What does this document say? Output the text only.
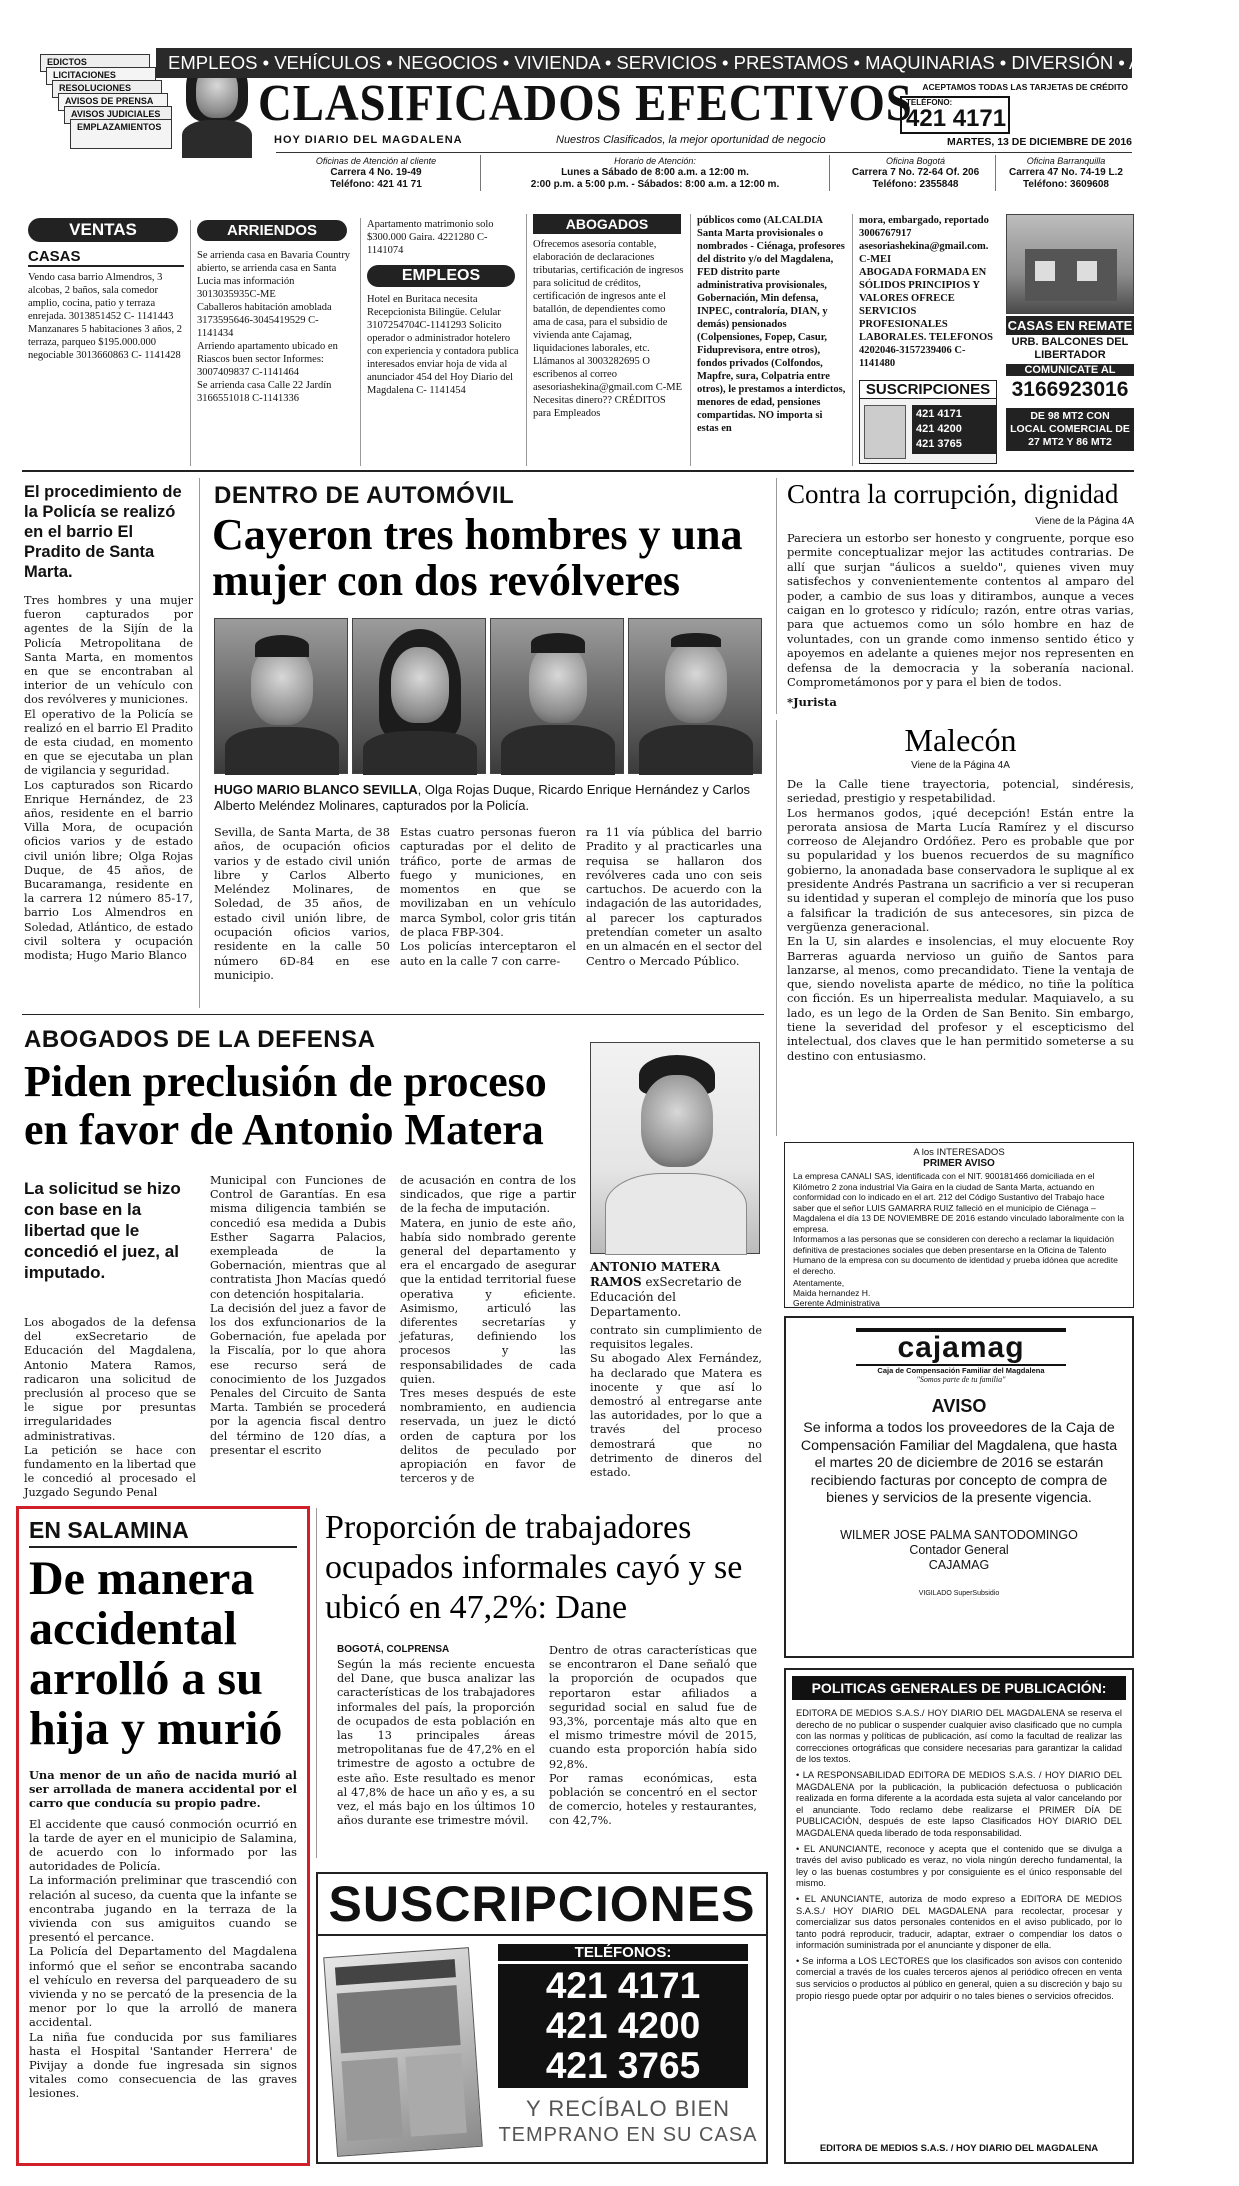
EDICTOS
LICITACIONES
RESOLUCIONES
AVISOS DE PRENSA
AVISOS JUDICIALES
EMPLAZAMIENTOS
EMPLEOS • VEHÍCULOS • NEGOCIOS • VIVIENDA • SERVICIOS • PRESTAMOS • MAQUINARIAS • DIVERSIÓN • ARRIENDOS
CLASIFICADOS EFECTIVOS	ACEPTAMOS TODAS LAS TARJETAS DE CRÉDITO
TELÉFONO:
421 4171
HOY DIARIO DEL MAGDALENA	Nuestros Clasificados, la mejor oportunidad de negocio	MARTES, 13 DE DICIEMBRE DE 2016
Oficinas de Atención al cliente
Carrera 4 No. 19-49
Teléfono: 421 41 71
Horario de Atención:
Lunes a Sábado de 8:00 a.m. a 12:00 m.
2:00 p.m. a 5:00 p.m. - Sábados: 8:00 a.m. a 12:00 m.
Oficina Bogotá
Carrera 7 No. 72-64 Of. 206
Teléfono: 2355848
Oficina Barranquilla
Carrera 47 No. 74-19 L.2
Teléfono: 3609608
VENTAS
CASAS
Vendo casa barrio Almendros, 3 alcobas, 2 baños, sala comedor amplio, cocina, patio y terraza enrejada. 3013851452 C- 1141443
Manzanares 5 habitaciones 3 años, 2 terraza, parqueo $195.000.000 negociable 3013660863 C- 1141428
ARRIENDOS
Se arrienda casa en Bavaria Country abierto, se arrienda casa en Santa Lucia mas información 3013035935C-ME
Caballeros habitación amoblada 3173595646-3045419529 C- 1141434
Arriendo apartamento ubicado en Riascos buen sector Informes: 3007409837 C-1141464
Se arrienda casa Calle 22 Jardín 3166551018 C-1141336
Apartamento matrimonio solo $300.000 Gaira. 4221280 C- 1141074
EMPLEOS
Hotel en Buritaca necesita Recepcionista Bilingüe. Celular 3107254704C-1141293 Solicito operador o administrador hotelero con experiencia y contadora publica interesados enviar hoja de vida al anunciador 454 del Hoy Diario del Magdalena C- 1141454
ABOGADOS
Ofrecemos asesoría contable, elaboración de declaraciones tributarias, certificación de ingresos para solicitud de créditos, certificación de ingresos ante el batallón, de dependientes como ama de casa, para el subsidio de vivienda ante Cajamag, liquidaciones laborales, etc. Llámanos al 3003282695 O escribenos al correo asesoriashekina@gmail.com C-ME
Necesitas dinero?? CRÉDITOS para Empleados
públicos como (ALCALDIA Santa Marta provisionales o nombrados - Ciénaga, profesores del distrito y/o del Magdalena, FED distrito parte administrativa provisionales, Gobernación, Min defensa, INPEC, contraloría, DIAN, y demás) pensionados (Colpensiones, Fopep, Casur, Fiduprevisora, entre otros), fondos privados (Colfondos, Mapfre, sura, Colpatria entre otros), le prestamos a interdictos, menores de edad, pensiones compartidas. NO importa si estas en
mora, embargado, reportado 3006767917 asesoriashekina@gmail.com. C-MEI
ABOGADA FORMADA EN SÓLIDOS PRINCIPIOS Y VALORES OFRECE SERVICIOS PROFESIONALES LABORALES. TELEFONOS 4202046-3157239406 C-1141480
SUSCRIPCIONES
421 4171
421 4200
421 3765
CASAS EN REMATE
URB. BALCONES DEL LIBERTADOR
COMUNICATE AL
3166923016
DE 98 MT2 CON
LOCAL COMERCIAL DE
27 MT2 Y 86 MT2
El procedimiento de la Policía se realizó en el barrio El Pradito de Santa Marta.
Tres hombres y una mujer fueron capturados por agentes de la Sijín de la Policía Metropolitana de Santa Marta, en momentos en que se encontraban al interior de un vehículo con dos revólveres y municiones.
El operativo de la Policía se realizó en el barrio El Pradito de esta ciudad, en momento en que se ejecutaba un plan de vigilancia y seguridad.
Los capturados son Ricardo Enrique Hernández, de 23 años, residente en el barrio Villa Mora, de ocupación oficios varios y de estado civil unión libre; Olga Rojas Duque, de 45 años, de Bucaramanga, residente en la carrera 12 número 85-17, barrio Los Almendros en Soledad, Atlántico, de estado civil soltera y ocupación modista; Hugo Mario Blanco
DENTRO DE AUTOMÓVIL
Cayeron tres hombres y una mujer con dos revólveres
HUGO MARIO BLANCO SEVILLA, Olga Rojas Duque, Ricardo Enrique Hernández y Carlos Alberto Meléndez Molinares, capturados por la Policía.
Sevilla, de Santa Marta, de 38 años, de ocupación oficios varios y de estado civil unión libre y Carlos Alberto Meléndez Molinares, de Soledad, de 35 años, de estado civil unión libre, de ocupación oficios varios, residente en la calle 50 número 6D-84 en ese municipio.
Estas cuatro personas fueron capturadas por el delito de tráfico, porte de armas de fuego y municiones, en momentos en que se movilizaban en un vehículo marca Symbol, color gris titán de placa FBP-304.
Los policías interceptaron el auto en la calle 7 con carre-
ra 11 vía pública del barrio Pradito y al practicarles una requisa se hallaron dos revólveres cada uno con seis cartuchos. De acuerdo con la indagación de las autoridades, al parecer los capturados pretendían cometer un asalto en un almacén en el sector del Centro o Mercado Público.
Contra la corrupción, dignidad
Viene de la Página 4A
Pareciera un estorbo ser honesto y congruente, porque eso permite conceptualizar mejor las actitudes contrarias. De allí que surjan "áulicos a sueldo", quienes viven muy satisfechos y convenientemente contentos al amparo del poder, a cambio de sus loas y ditirambos, aunque a veces caigan en lo grotesco y ridículo; razón, entre otras varias, para que actuemos como un sólo hombre en haz de voluntades, con un grande como inmenso sentido ético y apoyemos en adelante a quienes mejor nos representen en defensa de la democracia y la soberanía nacional. Comprometámonos por y para el bien de todos.
*Jurista
Malecón
Viene de la Página 4A
De la Calle tiene trayectoria, potencial, sindéresis, seriedad, prestigio y respetabilidad.
Los hermanos godos, ¡qué decepción! Están entre la perorata ansiosa de Marta Lucía Ramírez y el discurso correoso de Alejandro Ordóñez. Pero es probable que por su popularidad y los buenos recuerdos de su magnífico gobierno, la anonadada base conservadora le suplique al ex presidente Andrés Pastrana un sacrificio a ver si recuperan su identidad y superan el complejo de minoría que los puso a falsificar la tradición de sus antecesores, sin pizca de vergüenza generacional.
En la U, sin alardes e insolencias, el muy elocuente Roy Barreras aguarda nervioso un guiño de Santos para lanzarse, al menos, como precandidato. Tiene la ventaja de que, siendo novelista aparte de médico, no tiñe la política con ficción. Es un hiperrealista medular. Maquiavelo, a su lado, es un lego de la Orden de San Benito. Sin embargo, tiene la severidad del profesor y el escepticismo del intelectual, dos claves que le han permitido someterse a su destino con entusiasmo.
ABOGADOS DE LA DEFENSA
Piden preclusión de proceso en favor de Antonio Matera
La solicitud se hizo con base en la libertad que le concedió el juez, al imputado.
Los abogados de la defensa del exSecretario de Educación del Magdalena, Antonio Matera Ramos, radicaron una solicitud de preclusión al proceso que se le sigue por presuntas irregularidades administrativas.
La petición se hace con fundamento en la libertad que le concedió al procesado el Juzgado Segundo Penal
Municipal con Funciones de Control de Garantías. En esa misma diligencia también se concedió esa medida a Dubis Esther Sagarra Palacios, exempleada de la Gobernación, mientras que al contratista Jhon Macías quedó con detención hospitalaria.
La decisión del juez a favor de los dos exfuncionarios de la Gobernación, fue apelada por la Fiscalía, por lo que ahora ese recurso será de conocimiento de los Juzgados Penales del Circuito de Santa Marta. También se procederá por la agencia fiscal dentro del término de 120 días, a presentar el escrito
de acusación en contra de los sindicados, que rige a partir de la fecha de imputación.
Matera, en junio de este año, había sido nombrado gerente general del departamento y era el encargado de asegurar que la entidad territorial fuese operativa y eficiente. Asimismo, articuló las diferentes secretarías y jefaturas, definiendo los procesos y las responsabilidades de cada quien.
Tres meses después de este nombramiento, en audiencia reservada, un juez le dictó orden de captura por los delitos de peculado por apropiación en favor de terceros y de
ANTONIO MATERA RAMOS exSecretario de Educación del Departamento.
contrato sin cumplimiento de requisitos legales.
Su abogado Alex Fernández, ha declarado que Matera es inocente y que así lo demostró al entregarse ante las autoridades, por lo que a través del proceso demostrará que no detrimento de dineros del estado.
A los INTERESADOS
PRIMER AVISO
La empresa CANALI SAS, identificada con el NIT. 900181466 domiciliada en el Kilómetro 2 zona industrial Via Gaira en la ciudad de Santa Marta, actuando en conformidad con lo indicado en el art. 212 del Código Sustantivo del Trabajo hace saber que el señor LUIS GAMARRA RUIZ falleció en el municipio de Ciénaga – Magdalena el día 13 DE NOVIEMBRE DE 2016 estando vinculado laboralmente con la empresa.
Informamos a las personas que se consideren con derecho a reclamar la liquidación definitiva de prestaciones sociales que deben presentarse en la Oficina de Talento Humano de la empresa con su documento de identidad y prueba idónea que acredite el derecho.
Atentamente,
Maida hernandez H.
Gerente Administrativa
cajamag
Caja de Compensación Familiar del Magdalena
"Somos parte de tu familia"
AVISO
Se informa a todos los proveedores de la Caja de Compensación Familiar del Magdalena, que hasta el martes 20 de diciembre de 2016 se estarán recibiendo facturas por concepto de compra de bienes y servicios de la presente vigencia.
WILMER JOSE PALMA SANTODOMINGO
Contador General
CAJAMAG
VIGILADO SuperSubsidio
EN SALAMINA
De manera accidental arrolló a su hija y murió
Una menor de un año de nacida murió al ser arrollada de manera accidental por el carro que conducía su propio padre.
El accidente que causó conmoción ocurrió en la tarde de ayer en el municipio de Salamina, de acuerdo con lo informado por las autoridades de Policía.
La información preliminar que trascendió con relación al suceso, da cuenta que la infante se encontraba jugando en la terraza de la vivienda con sus amiguitos cuando se presentó el percance.
La Policía del Departamento del Magdalena informó que el señor se encontraba sacando el vehículo en reversa del parqueadero de su vivienda y no se percató de la presencia de la menor por lo que la arrolló de manera accidental.
La niña fue conducida por sus familiares hasta el Hospital 'Santander Herrera' de Pivijay a donde fue ingresada sin signos vitales como consecuencia de las graves lesiones.
Proporción de trabajadores ocupados informales cayó y se ubicó en 47,2%: Dane
BOGOTÁ, COLPRENSA
Según la más reciente encuesta del Dane, que busca analizar las características de los trabajadores informales del país, la proporción de ocupados de esta población en las 13 principales áreas metropolitanas fue de 47,2% en el trimestre de agosto a octubre de este año. Este resultado es menor al 47,8% de hace un año y es, a su vez, el más bajo en los últimos 10 años durante ese trimestre móvil.
Dentro de otras características que se encontraron el Dane señaló que la proporción de ocupados que reportaron estar afiliados a seguridad social en salud fue de 93,3%, porcentaje más alto que en el mismo trimestre móvil de 2015, cuando esta proporción había sido 92,8%.
Por ramas económicas, esta población se concentró en el sector de comercio, hoteles y restaurantes, con 42,7%.
SUSCRIPCIONES
TELÉFONOS:
421 4171
421 4200
421 3765
Y RECÍBALO BIEN
TEMPRANO EN SU CASA
POLITICAS GENERALES DE PUBLICACIÓN:
EDITORA DE MEDIOS S.A.S./ HOY DIARIO DEL MAGDALENA se reserva el derecho de no publicar o suspender cualquier aviso clasificado que no cumpla con las normas y políticas de publicación, así como la facultad de realizar las correcciones ortográficas que considere necesarias para garantizar la calidad de los textos.
• LA RESPONSABILIDAD EDITORA DE MEDIOS S.A.S. / HOY DIARIO DEL MAGDALENA por la publicación, la publicación defectuosa o publicación realizada en forma diferente a la acordada esta sujeta al valor cancelando por el anunciante. Todo reclamo debe realizarse el PRIMER DÍA DE PUBLICACIÓN, después de este lapso Clasificados HOY DIARIO DEL MAGDALENA queda liberado de toda responsabilidad.
• EL ANUNCIANTE, reconoce y acepta que el contenido que se divulga a través del aviso publicado es veraz, no viola ningún derecho fundamental, la ley o las buenas costumbres y por consiguiente es el único responsable del mismo.
• EL ANUNCIANTE, autoriza de modo expreso a EDITORA DE MEDIOS S.A.S./ HOY DIARIO DEL MAGDALENA para recolectar, procesar y comercializar sus datos personales contenidos en el aviso publicado, por lo tanto podrá reproducir, traducir, adaptar, extraer o compendiar los datos o información suministrada por el anunciante y disponer de ella.
• Se informa a LOS LECTORES que los clasificados son avisos con contenido comercial a través de los cuales terceros ajenos al periódico ofrecen en venta sus servicios o productos al público en general, quien a su discreción y bajo su propio riesgo puede optar por adquirir o no tales bienes o servicios ofrecidos.
EDITORA DE MEDIOS S.A.S. / HOY DIARIO DEL MAGDALENA
